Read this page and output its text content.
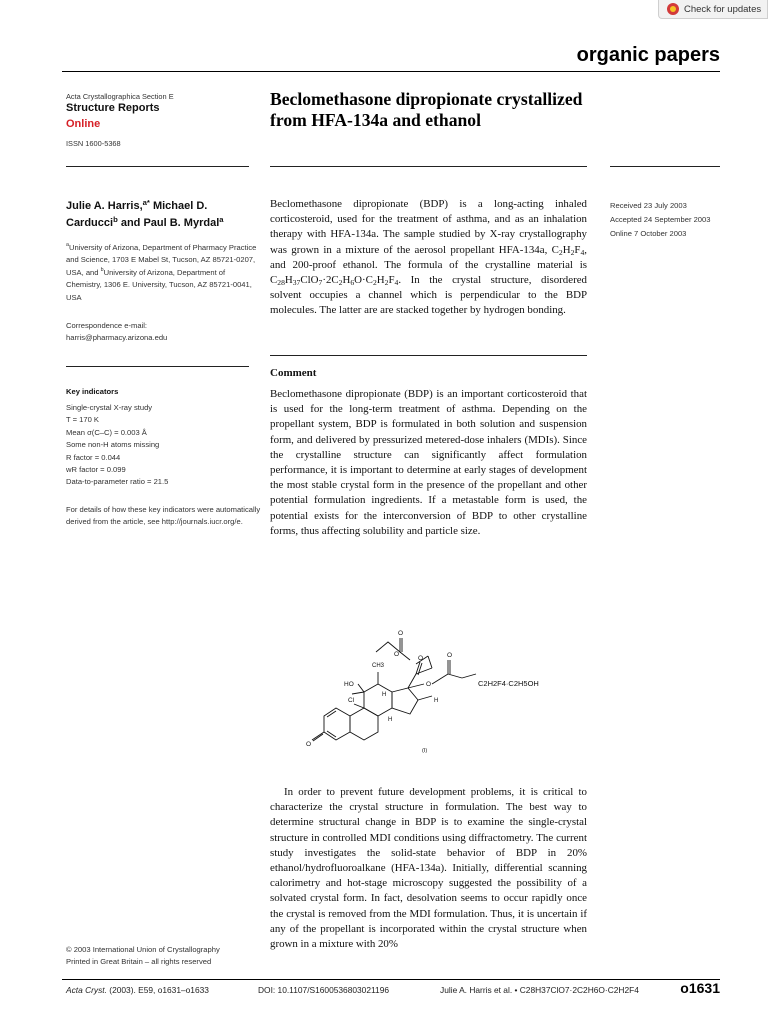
Check for updates
organic papers
Acta Crystallographica Section E
Structure Reports
Online
ISSN 1600-5368
Julie A. Harris,$^{a*}$ Michael D.
Carducci$^b$ and Paul B. Myrdal$^a$
$^a$University of Arizona, Department of Pharmacy Practice and Science, 1703 E Mabel St, Tucson, AZ 85721-0207, USA, and $^b$University of Arizona, Department of Chemistry, 1306 E. University, Tucson, AZ 85721-0041, USA
Correspondence e-mail:
harris@pharmacy.arizona.edu
Key indicators
Single-crystal X-ray study
T = 170 K
Mean σ(C–C) = 0.003 Å
Some non-H atoms missing
R factor = 0.044
wR factor = 0.099
Data-to-parameter ratio = 21.5
For details of how these key indicators were automatically derived from the article, see http://journals.iucr.org/e.
© 2003 International Union of Crystallography
Printed in Great Britain – all rights reserved
Beclomethasone dipropionate crystallized
from HFA-134a and ethanol
Received 23 July 2003
Accepted 24 September 2003
Online 7 October 2003
Beclomethasone dipropionate (BDP) is a long-acting inhaled corticosteroid, used for the treatment of asthma, and as an inhalation therapy with HFA-134a. The sample studied by X-ray crystallography was grown in a mixture of the aerosol propellant HFA-134a, $C_2H_2F_4$, and 200-proof ethanol. The formula of the crystalline material is $C_{28}H_{37}ClO_7\cdot 2C_2H_6O\cdot C_2H_2F_4$. In the crystal structure, disordered solvent occupies a channel which is perpendicular to the BDP molecules. The latter are are stacked together by hydrogen bonding.
Comment
Beclomethasone dipropionate (BDP) is an important corticosteroid that is used for the long-term treatment of asthma. Depending on the propellant system, BDP is formulated in both solution and suspension form, and delivered by pressurized metered-dose inhalers (MDIs). Since the crystalline structure can significantly affect formulation performance, it is important to determine at early stages of development the most stable crystal form in the presence of the propellant and other potential formulation ingredients. If a metastable form is used, the potential exists for the interconversion of BDP to other crystalline forms, thus affecting solubility and particle size.
O
O
O	O
O
O
CH3
C2H2F4·C2H5OH
HO
Cl
H
H
H
(I)
In order to prevent future development problems, it is critical to characterize the crystal structure in formulation. The best way to determine structural change in BDP is to examine the single-crystal structure in controlled MDI conditions using diffractometry. The current study investigates the solid-state behavior of BDP in 20% ethanol/hydrofluoroalkane (HFA-134a). Initially, differential scanning calorimetry and hot-stage microscopy suggested the possibility of a solvated crystal form. In fact, desolvation seems to occur rapidly once the crystal is removed from the MDI formulation. Thus, it is uncertain if any of the propellant is incorporated within the crystal structure when grown in a mixture with 20%
Acta Cryst. (2003). E59, o1631–o1633	DOI: 10.1107/S1600536803021196	Julie A. Harris et al. • C28H37ClO7·2C2H6O·C2H2F4	o1631
